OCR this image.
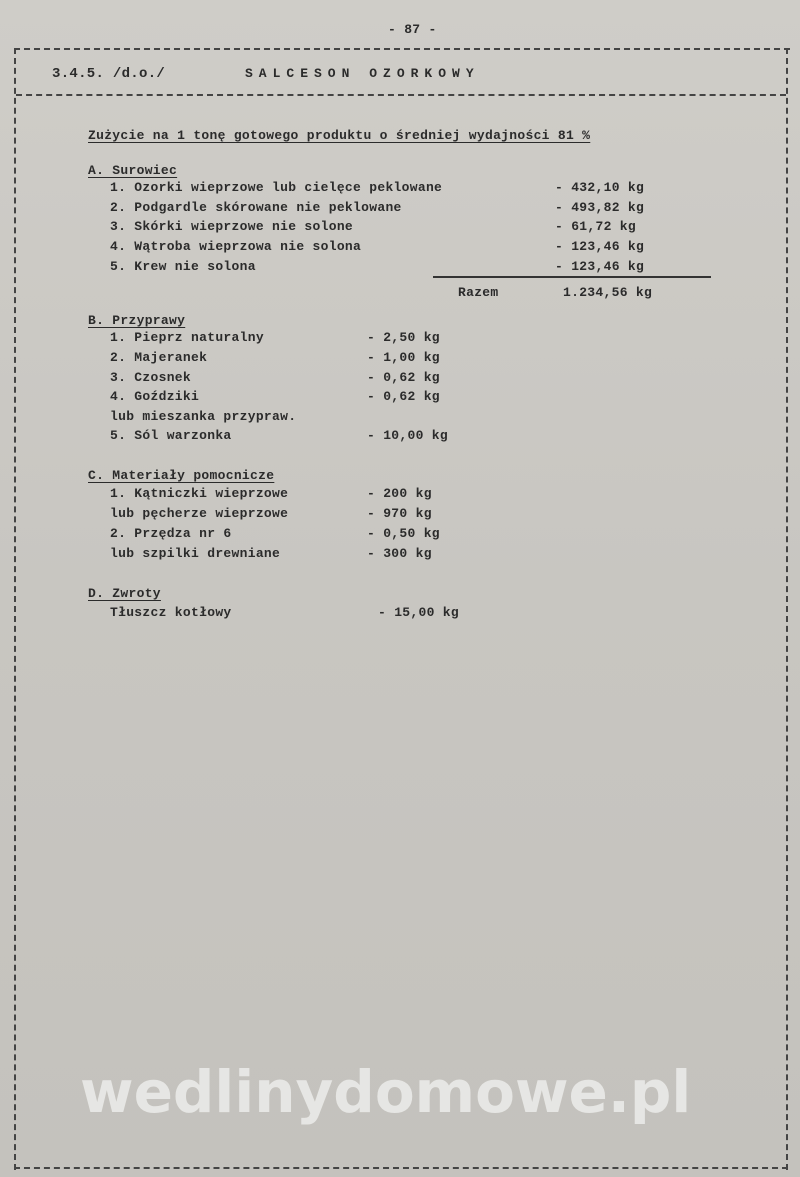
- 87 -
3.4.5. /d.o./	SALCESON OZORKOWY
Zużycie na 1 tonę gotowego produktu o średniej wydajności 81 %
A. Surowiec
1. Ozorki wieprzowe lub cielęce peklowane	- 432,10 kg
2. Podgardle skórowane nie peklowane	- 493,82 kg
3. Skórki wieprzowe nie solone	- 61,72 kg
4. Wątroba wieprzowa nie solona	- 123,46 kg
5. Krew nie solona	- 123,46 kg
Razem	1.234,56 kg
B. Przyprawy
1. Pieprz naturalny	- 2,50 kg
2. Majeranek	- 1,00 kg
3. Czosnek	- 0,62 kg
4. Goździki	- 0,62 kg
lub mieszanka przypraw.
5. Sól warzonka	- 10,00 kg
C. Materiały pomocnicze
1. Kątniczki wieprzowe	- 200 kg
lub pęcherze wieprzowe	- 970 kg
2. Przędza nr 6	- 0,50 kg
lub szpilki drewniane	- 300 kg
D. Zwroty
Tłuszcz kotłowy	- 15,00 kg
wedlinydomowe.pl
